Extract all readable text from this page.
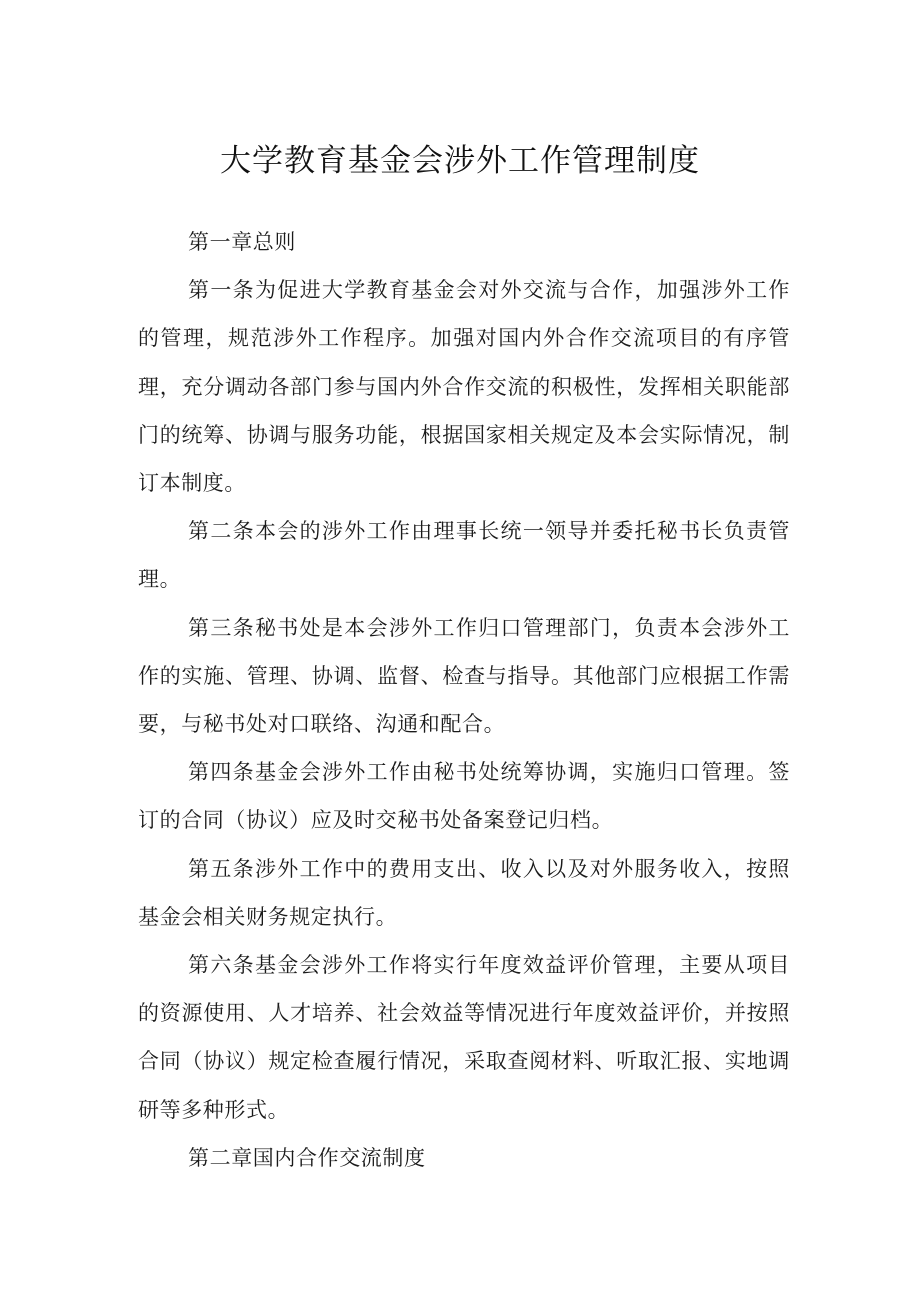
大学教育基金会涉外工作管理制度

第一章总则

第一条为促进大学教育基金会对外交流与合作，加强涉外工作的管理，规范涉外工作程序。加强对国内外合作交流项目的有序管理，充分调动各部门参与国内外合作交流的积极性，发挥相关职能部门的统筹、协调与服务功能，根据国家相关规定及本会实际情况，制订本制度。

第二条本会的涉外工作由理事长统一领导并委托秘书长负责管理。

第三条秘书处是本会涉外工作归口管理部门，负责本会涉外工作的实施、管理、协调、监督、检查与指导。其他部门应根据工作需要，与秘书处对口联络、沟通和配合。

第四条基金会涉外工作由秘书处统筹协调，实施归口管理。签订的合同（协议）应及时交秘书处备案登记归档。

第五条涉外工作中的费用支出、收入以及对外服务收入，按照基金会相关财务规定执行。

第六条基金会涉外工作将实行年度效益评价管理，主要从项目的资源使用、人才培养、社会效益等情况进行年度效益评价，并按照合同（协议）规定检查履行情况，采取查阅材料、听取汇报、实地调研等多种形式。

第二章国内合作交流制度
